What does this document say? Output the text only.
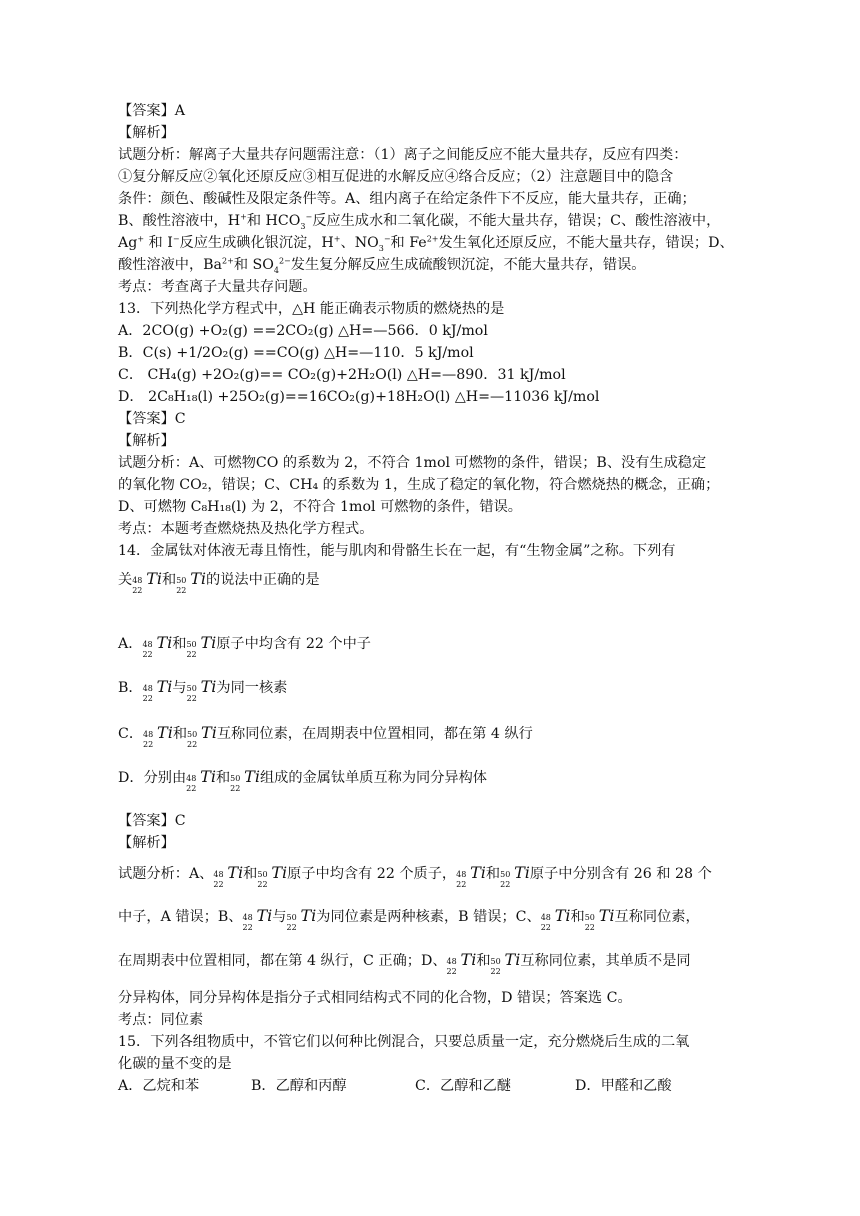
【答案】A
【解析】
试题分析：解离子大量共存问题需注意：（1）离子之间能反应不能大量共存，反应有四类：
①复分解反应②氧化还原反应③相互促进的水解反应④络合反应；（2）注意题目中的隐含
条件：颜色、酸碱性及限定条件等。A、组内离子在给定条件下不反应，能大量共存，正确；
B、酸性溶液中，H+和 $HCO_3^-$反应生成水和二氧化碳，不能大量共存，错误；C、酸性溶液中，
Ag+ 和 I−反应生成碘化银沉淀，H+、$NO_3^-$和 $Fe^{2+}$发生氧化还原反应，不能大量共存，错误；D、
酸性溶液中，$Ba^{2+}$和 $SO_4^{2-}$发生复分解反应生成硫酸钡沉淀，不能大量共存，错误。
考点：考查离子大量共存问题。
13．下列热化学方程式中，△H 能正确表示物质的燃烧热的是
A．2CO(g) +O₂(g) ==2CO₂(g) △H=—566．0 kJ/mol
B．C(s) +1/2O₂(g) ==CO(g) △H=—110．5 kJ/mol
C． CH₄(g) +2O₂(g)== CO₂(g)+2H₂O(l) △H=—890．31 kJ/mol
D． 2C₈H₁₈(l) +25O₂(g)==16CO₂(g)+18H₂O(l) △H=—11036 kJ/mol
【答案】C
【解析】
试题分析：A、可燃物CO 的系数为 2，不符合 1mol 可燃物的条件，错误；B、没有生成稳定
的氧化物 CO₂，错误；C、CH₄ 的系数为 1，生成了稳定的氧化物，符合燃烧热的概念，正确；
D、可燃物 C₈H₁₈(l) 为 2，不符合 1mol 可燃物的条件，错误。
考点：本题考查燃烧热及热化学方程式。
14．金属钛对体液无毒且惰性，能与肌肉和骨骼生长在一起，有“生物金属”之称。下列有
关 48
22
Ti和 50
22
Ti的说法中正确的是
A． 48
22
Ti和 50
22
Ti原子中均含有 22 个中子
B． 48
22
Ti与 50
22
Ti为同一核素
C． 48
22
Ti和 50
22
Ti互称同位素，在周期表中位置相同，都在第 4 纵行
D．分别由 48
22
Ti和 50
22
Ti组成的金属钛单质互称为同分异构体
【答案】C
【解析】
试题分析：A、 48
22
Ti和 50
22
Ti原子中均含有 22 个质子， 48
22
Ti和 50
22
Ti原子中分别含有 26 和 28 个
中子，A 错误；B、 48
22
Ti与 50
22
Ti为同位素是两种核素，B 错误；C、 48
22
Ti和 50
22
Ti互称同位素，
在周期表中位置相同，都在第 4 纵行，C 正确；D、 48
22
Ti和 50
22
Ti互称同位素，其单质不是同
分异构体，同分异构体是指分子式相同结构式不同的化合物，D 错误；答案选 C。
考点：同位素
15．下列各组物质中，不管它们以何种比例混合，只要总质量一定，充分燃烧后生成的二氧
化碳的量不变的是
A．乙烷和苯	B．乙醇和丙醇	C．乙醇和乙醚	D．甲醛和乙酸
